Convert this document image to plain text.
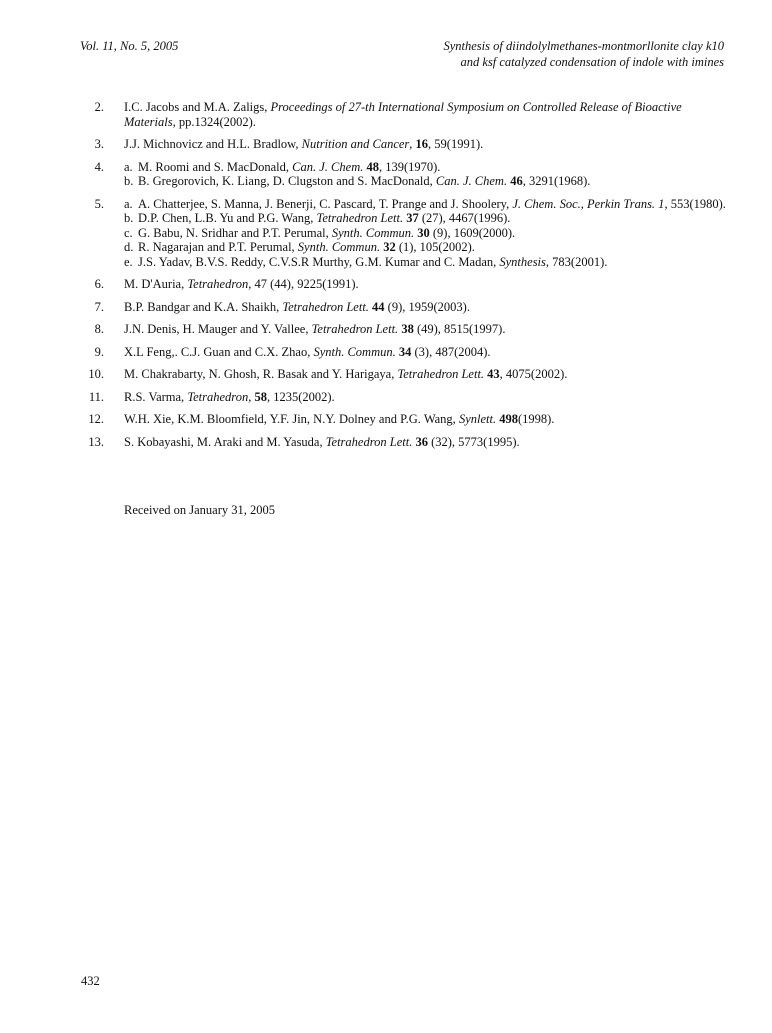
Vol. 11, No. 5, 2005	Synthesis of diindolylmethanes-montmorllonite clay k10
and ksf catalyzed condensation of indole with imines
2. I.C. Jacobs and M.A. Zaligs, Proceedings of 27-th International Symposium on Controlled Release of Bioactive Materials, pp.1324(2002).
3. J.J. Michnovicz and H.L. Bradlow, Nutrition and Cancer, 16, 59(1991).
4. a. M. Roomi and S. MacDonald, Can. J. Chem. 48, 139(1970).
b. B. Gregorovich, K. Liang, D. Clugston and S. MacDonald, Can. J. Chem. 46, 3291(1968).
5. a. A. Chatterjee, S. Manna, J. Benerji, C. Pascard, T. Prange and J. Shoolery, J. Chem. Soc., Perkin Trans. 1, 553(1980).
b. D.P. Chen, L.B. Yu and P.G. Wang, Tetrahedron Lett. 37 (27), 4467(1996).
c. G. Babu, N. Sridhar and P.T. Perumal, Synth. Commun. 30 (9), 1609(2000).
d. R. Nagarajan and P.T. Perumal, Synth. Commun. 32 (1), 105(2002).
e. J.S. Yadav, B.V.S. Reddy, C.V.S.R Murthy, G.M. Kumar and C. Madan, Synthesis, 783(2001).
6. M. D'Auria, Tetrahedron, 47 (44), 9225(1991).
7. B.P. Bandgar and K.A. Shaikh, Tetrahedron Lett. 44 (9), 1959(2003).
8. J.N. Denis, H. Mauger and Y. Vallee, Tetrahedron Lett. 38 (49), 8515(1997).
9. X.L Feng,. C.J. Guan and C.X. Zhao, Synth. Commun. 34 (3), 487(2004).
10. M. Chakrabarty, N. Ghosh, R. Basak and Y. Harigaya, Tetrahedron Lett. 43, 4075(2002).
11. R.S. Varma, Tetrahedron, 58, 1235(2002).
12. W.H. Xie, K.M. Bloomfield, Y.F. Jin, N.Y. Dolney and P.G. Wang, Synlett. 498(1998).
13. S. Kobayashi, M. Araki and M. Yasuda, Tetrahedron Lett. 36 (32), 5773(1995).
Received on January 31, 2005
432
